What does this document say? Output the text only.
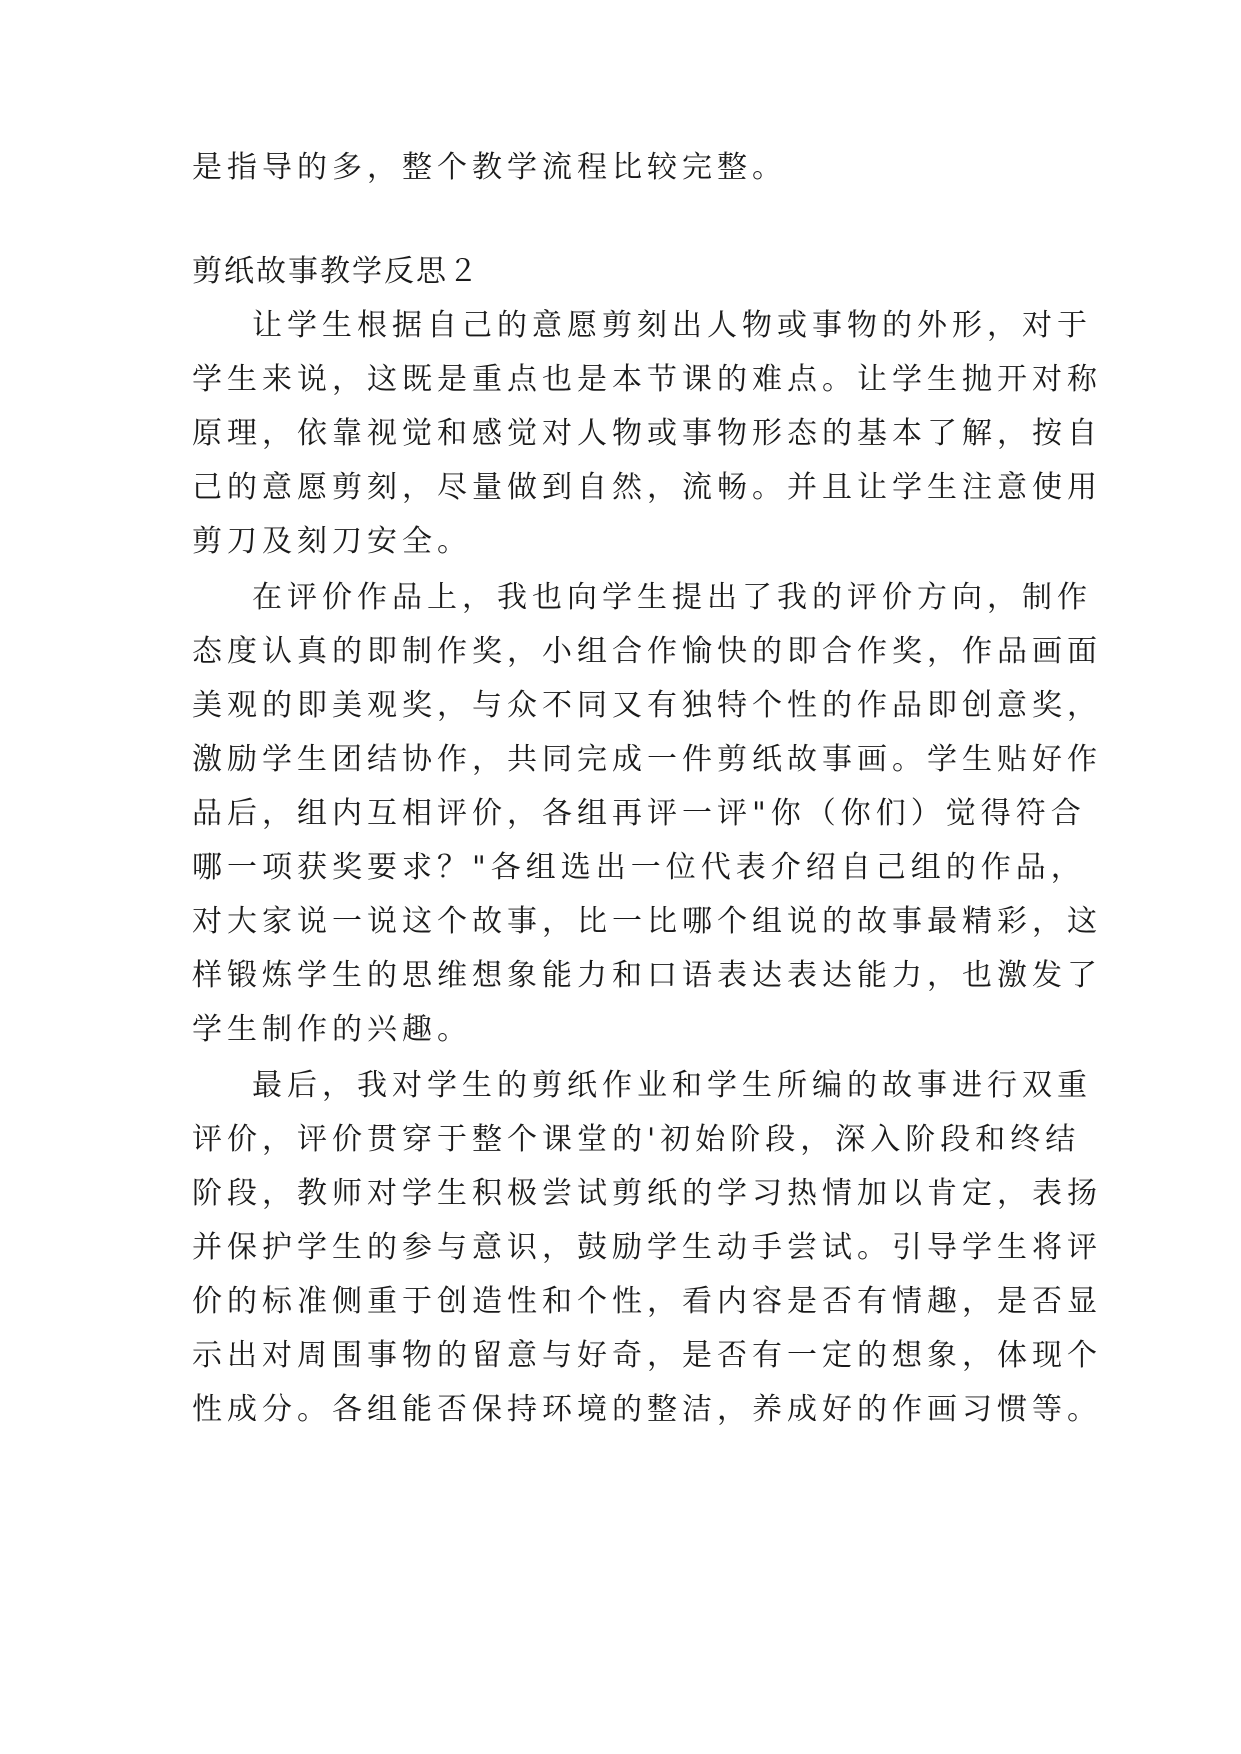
是指导的多，整个教学流程比较完整。

剪纸故事教学反思２

让学生根据自己的意愿剪刻出人物或事物的外形，对于

学生来说，这既是重点也是本节课的难点。让学生抛开对称

原理，依靠视觉和感觉对人物或事物形态的基本了解，按自

己的意愿剪刻，尽量做到自然，流畅。并且让学生注意使用

剪刀及刻刀安全。

在评价作品上，我也向学生提出了我的评价方向，制作

态度认真的即制作奖，小组合作愉快的即合作奖，作品画面

美观的即美观奖，与众不同又有独特个性的作品即创意奖，

激励学生团结协作，共同完成一件剪纸故事画。学生贴好作

品后，组内互相评价，各组再评一评"你（你们）觉得符合

哪一项获奖要求？"各组选出一位代表介绍自己组的作品，

对大家说一说这个故事，比一比哪个组说的故事最精彩，这

样锻炼学生的思维想象能力和口语表达表达能力，也激发了

学生制作的兴趣。

最后，我对学生的剪纸作业和学生所编的故事进行双重

评价，评价贯穿于整个课堂的'初始阶段，深入阶段和终结

阶段，教师对学生积极尝试剪纸的学习热情加以肯定，表扬

并保护学生的参与意识，鼓励学生动手尝试。引导学生将评

价的标准侧重于创造性和个性，看内容是否有情趣，是否显

示出对周围事物的留意与好奇，是否有一定的想象，体现个

性成分。各组能否保持环境的整洁，养成好的作画习惯等。
